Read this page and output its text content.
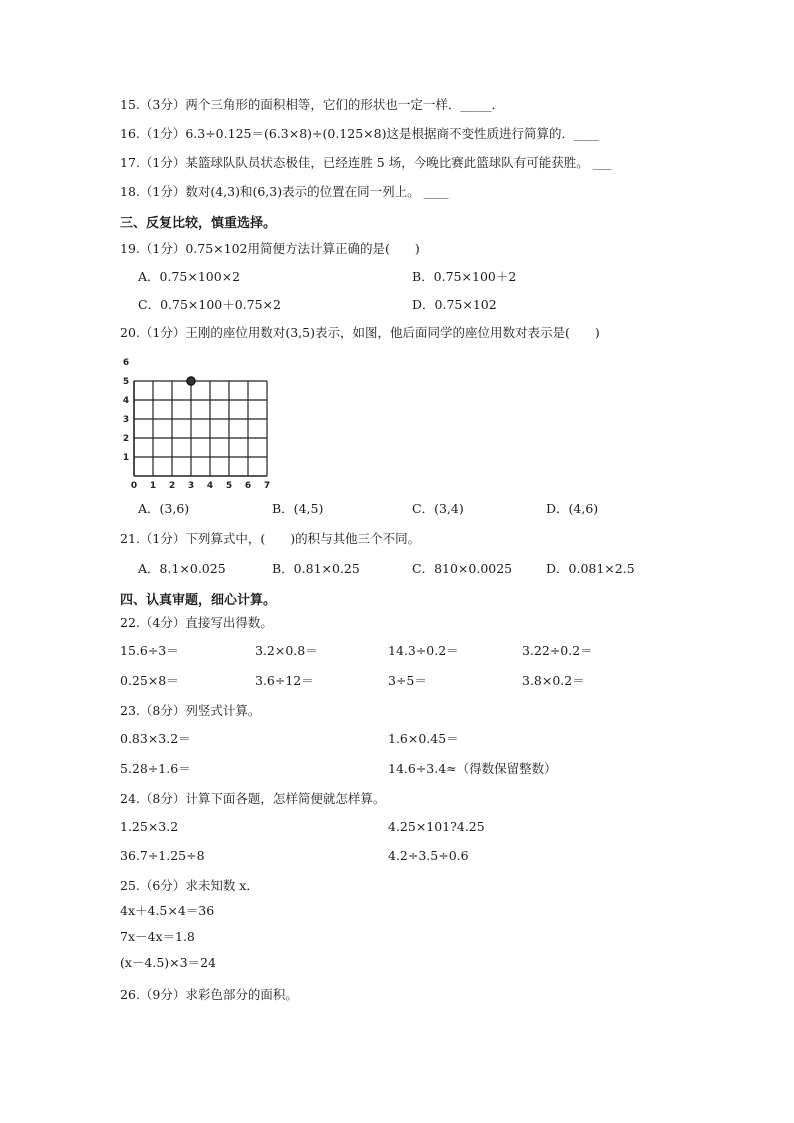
15.（3分）两个三角形的面积相等，它们的形状也一定一样．_____．
16.（1分）6.3÷0.125＝(6.3×8)÷(0.125×8)这是根据商不变性质进行简算的．____
17.（1分）某篮球队队员状态极佳，已经连胜 5 场，今晚比赛此篮球队有可能获胜。 ___
18.（1分）数对(4,3)和(6,3)表示的位置在同一列上。 ____
三、反复比较，慎重选择。
19.（1分）0.75×102用简便方法计算正确的是(　　)
A．0.75×100×2	B．0.75×100＋2
C．0.75×100＋0.75×2	D．0.75×102
20.（1分）王刚的座位用数对(3,5)表示，如图，他后面同学的座位用数对表示是(　　)
0 1 2 3 4 5 6 7
1
2
3
4
5
6
A．(3,6)	B．(4,5)	C．(3,4)	D．(4,6)
21.（1分）下列算式中，(　　)的积与其他三个不同。
A．8.1×0.025	B．0.81×0.25	C．810×0.0025	D．0.081×2.5
四、认真审题，细心计算。
22.（4分）直接写出得数。
15.6÷3＝	3.2×0.8＝	14.3÷0.2＝	3.22÷0.2＝
0.25×8＝	3.6÷12＝	3÷5＝	3.8×0.2＝
23.（8分）列竖式计算。
0.83×3.2＝	1.6×0.45＝
5.28÷1.6＝	14.6÷3.4≈（得数保留整数）
24.（8分）计算下面各题，怎样简便就怎样算。
1.25×3.2	4.25×101?4.25
36.7÷1.25÷8	4.2÷3.5÷0.6
25.（6分）求未知数 x．
4x＋4.5×4＝36
7x－4x＝1.8
(x－4.5)×3＝24
26.（9分）求彩色部分的面积。
